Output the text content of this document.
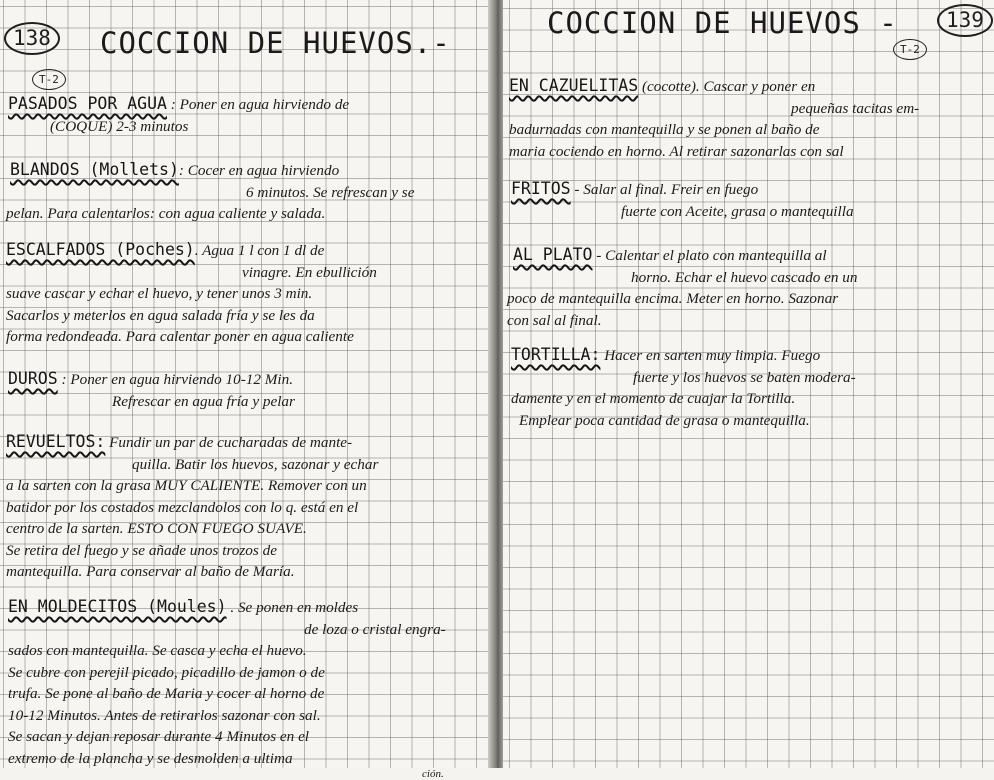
138
T-2
COCCION DE HUEVOS.-

PASADOS POR AGUA : Poner en agua hirviendo de

(COQUE) 2-3 minutos

BLANDOS (Mollets): Cocer en agua hirviendo

6 minutos. Se refrescan y se

pelan. Para calentarlos: con agua caliente y salada.

ESCALFADOS (Poches). Agua 1 l con 1 dl de

vinagre. En ebullición

suave cascar y echar el huevo, y tener unos 3 min.

Sacarlos y meterlos en agua salada fría y se les da

forma redondeada. Para calentar poner en agua caliente

DUROS : Poner en agua hirviendo 10-12 Min.

Refrescar en agua fría y pelar

REVUELTOS: Fundir un par de cucharadas de mante-

quilla. Batir los huevos, sazonar y echar

a la sarten con la grasa MUY CALIENTE. Remover con un

batidor por los costados mezclandolos con lo q. está en el

centro de la sarten. ESTO CON FUEGO SUAVE.

Se retira del fuego y se añade unos trozos de

mantequilla. Para conservar al baño de María.

EN MOLDECITOS (Moules) . Se ponen en moldes

de loza o cristal engra-

sados con mantequilla. Se casca y echa el huevo.

Se cubre con perejil picado, picadillo de jamon o de

trufa. Se pone al baño de Maria y cocer al horno de

10-12 Minutos. Antes de retirarlos sazonar con sal.

Se sacan y dejan reposar durante 4 Minutos en el

extremo de la plancha y se desmolden a ultima

ción.

COCCION DE HUEVOS -	139
T-2

EN CAZUELITAS (cocotte). Cascar y poner en

pequeñas tacitas em-

badurnadas con mantequilla y se ponen al baño de

maria cociendo en horno. Al retirar sazonarlas con sal

FRITOS - Salar al final. Freir en fuego

fuerte con Aceite, grasa o mantequilla

AL PLATO - Calentar el plato con mantequilla al

horno. Echar el huevo cascado en un

poco de mantequilla encima. Meter en horno. Sazonar

con sal al final.

TORTILLA: Hacer en sarten muy limpia. Fuego

fuerte y los huevos se baten modera-

damente y en el momento de cuajar la Tortilla.

Emplear poca cantidad de grasa o mantequilla.
